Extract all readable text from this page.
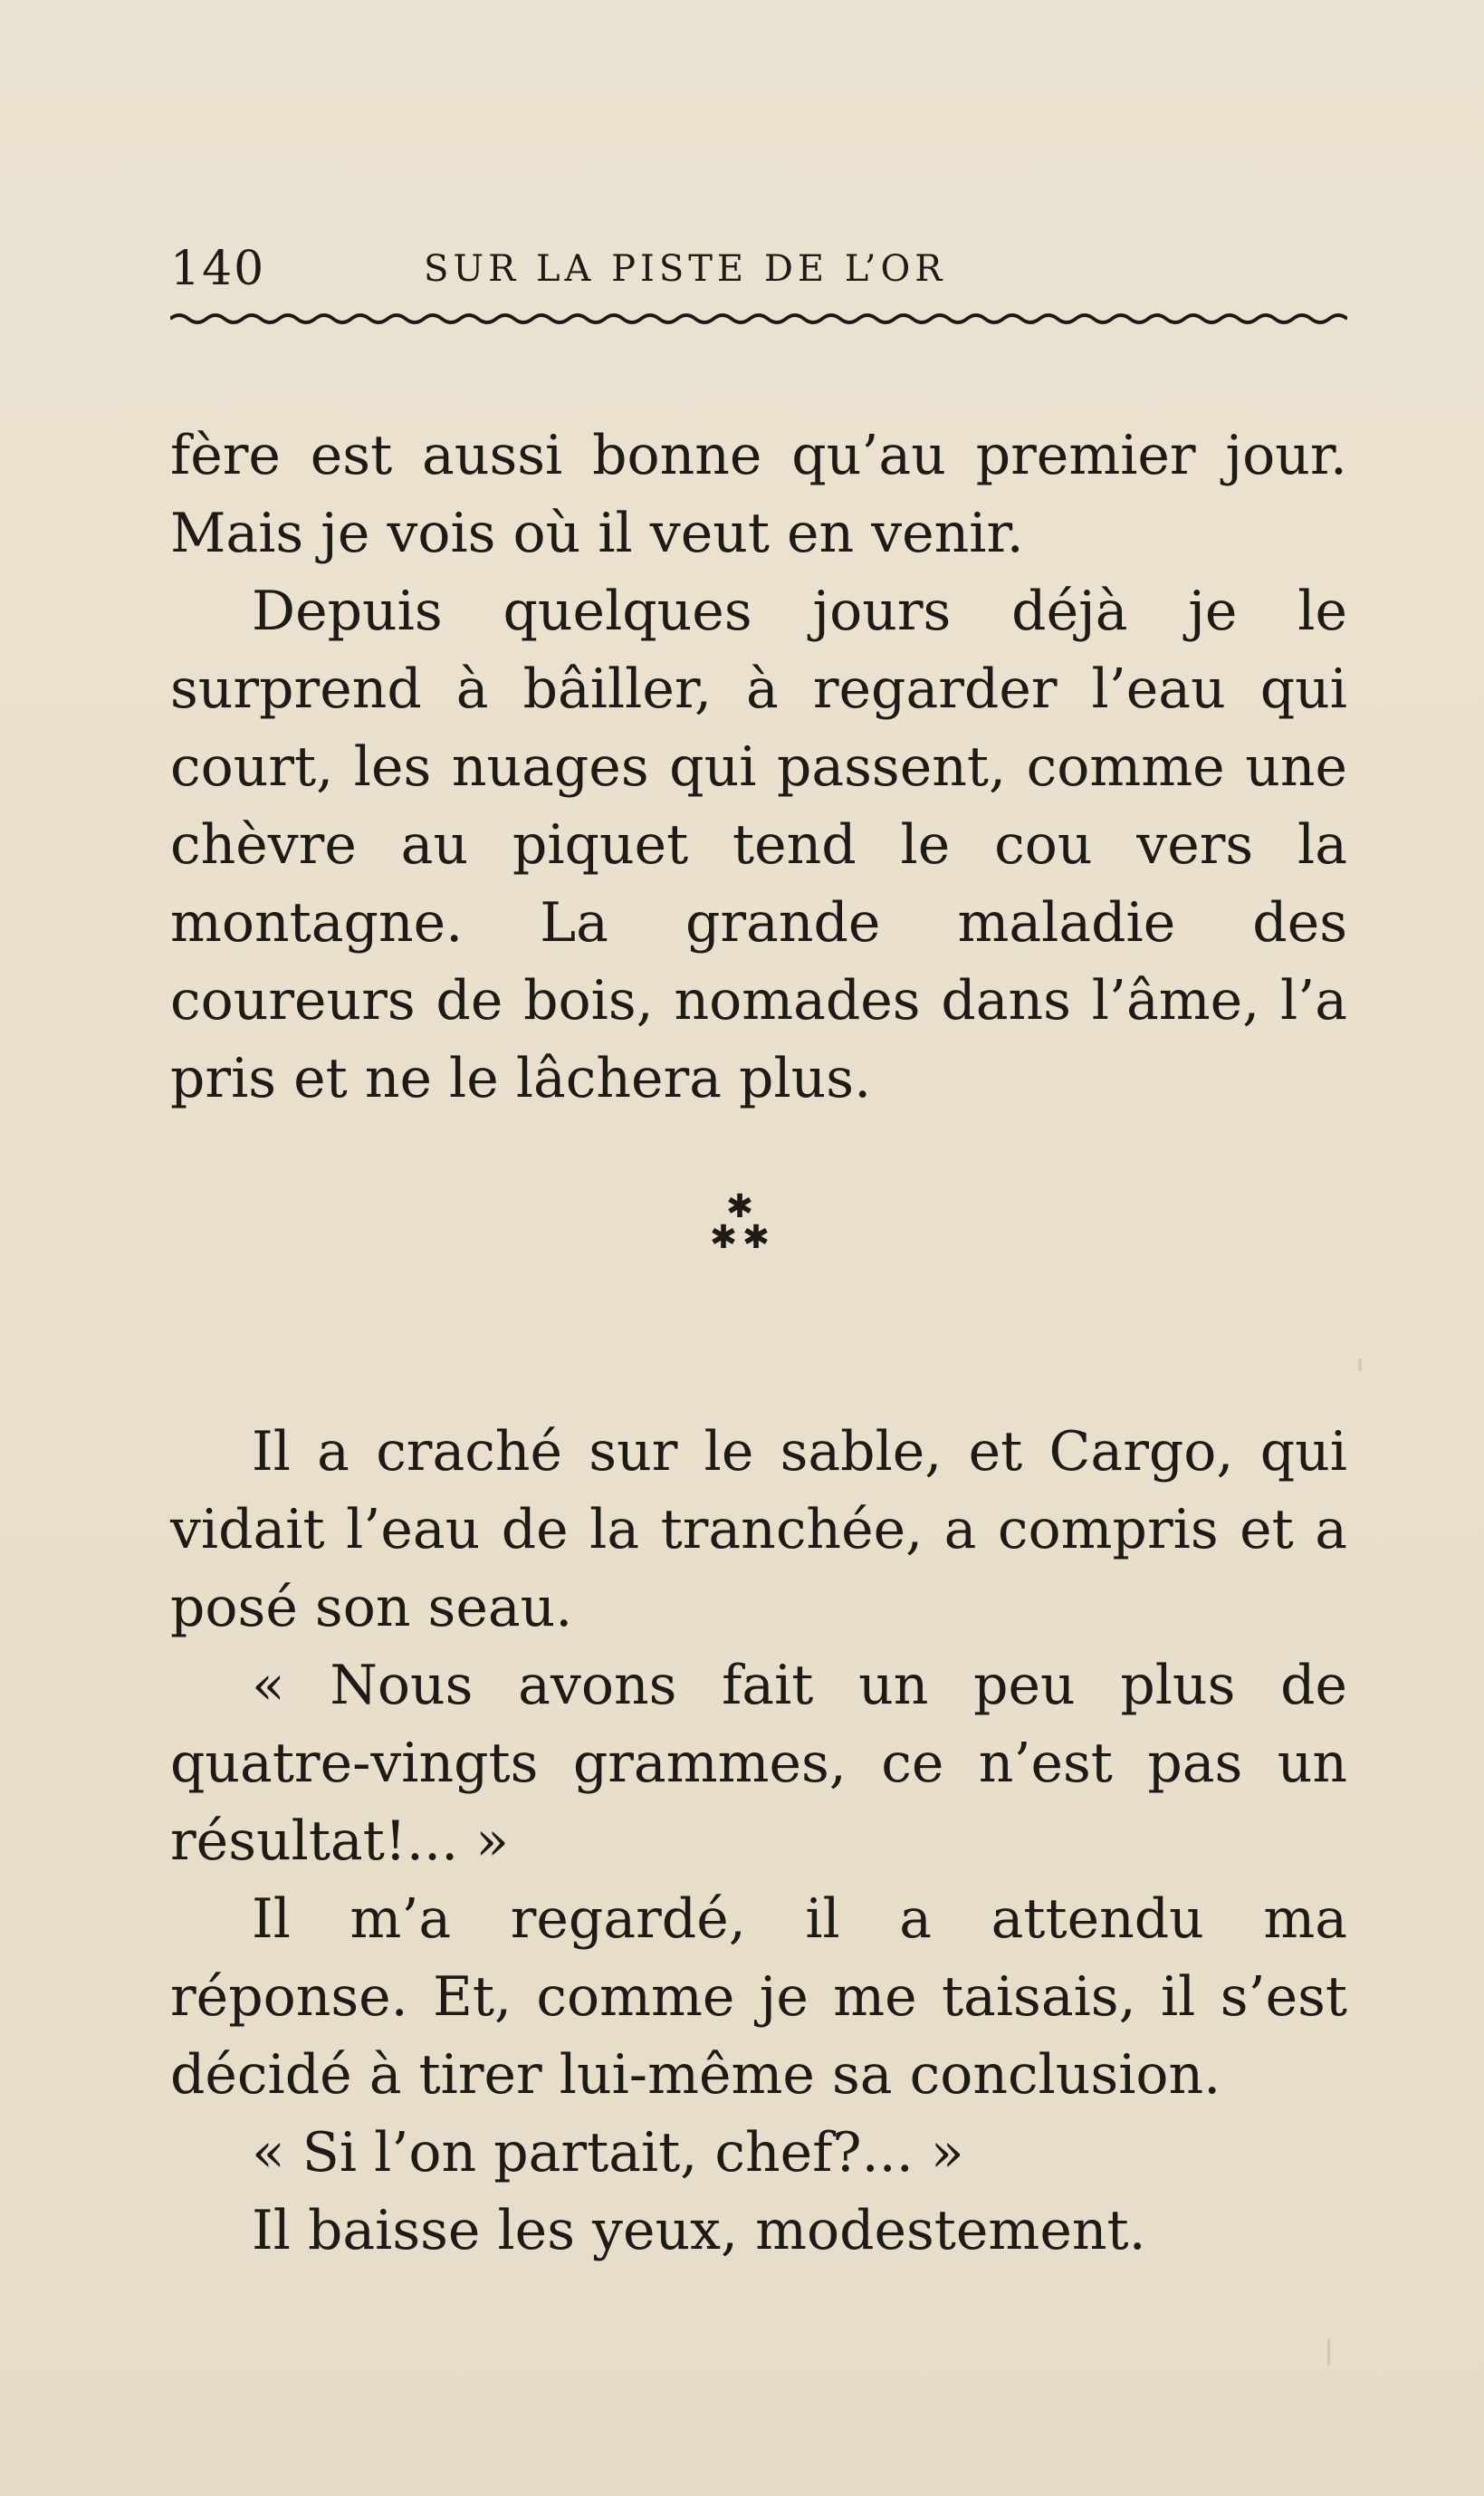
140	SUR LA PISTE DE L’OR

fère est aussi bonne qu’au premier jour. Mais je vois où il veut en venir.

Depuis quelques jours déjà je le surprend à bâiller, à regarder l’eau qui court, les nuages qui passent, comme une chèvre au piquet tend le cou vers la montagne. La grande maladie des coureurs de bois, nomades dans l’âme, l’a pris et ne le lâchera plus.

✱
✱ ✱

Il a craché sur le sable, et Cargo, qui vidait l’eau de la tranchée, a compris et a posé son seau.

« Nous avons fait un peu plus de quatre-vingts grammes, ce n’est pas un résultat!... »

Il m’a regardé, il a attendu ma réponse. Et, comme je me taisais, il s’est décidé à tirer lui-même sa conclusion.

« Si l’on partait, chef?... »

Il baisse les yeux, modestement.
